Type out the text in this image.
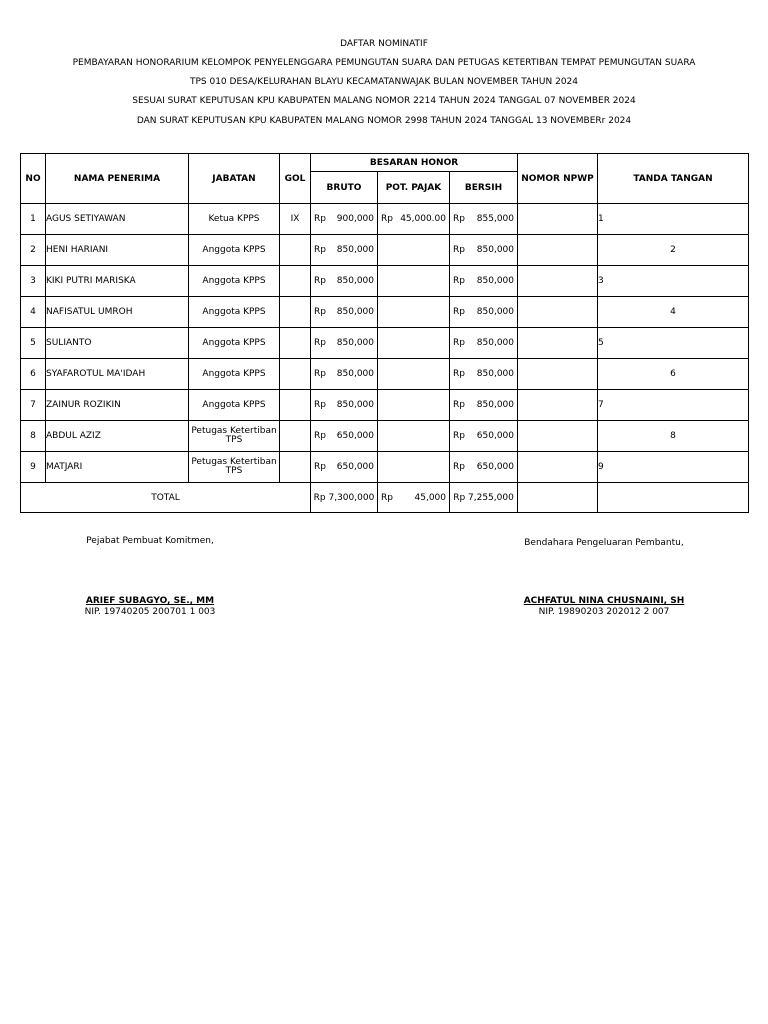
DAFTAR NOMINATIF
PEMBAYARAN HONORARIUM KELOMPOK PENYELENGGARA PEMUNGUTAN SUARA DAN PETUGAS KETERTIBAN TEMPAT PEMUNGUTAN SUARA
TPS 010 DESA/KELURAHAN BLAYU KECAMATANWAJAK BULAN NOVEMBER TAHUN 2024
SESUAI SURAT KEPUTUSAN KPU KABUPATEN MALANG NOMOR 2214 TAHUN 2024 TANGGAL 07 NOVEMBER 2024
DAN SURAT KEPUTUSAN KPU KABUPATEN MALANG NOMOR 2998 TAHUN 2024 TANGGAL 13 NOVEMBERr 2024
NO	NAMA PENERIMA	JABATAN	GOL	BESARAN HONOR			NOMOR NPWP	TANDA TANGAN
				BRUTO	POT. PAJAK	BERSIH		
1	AGUS SETIYAWAN	Ketua KPPS	IX	Rp 900,000	Rp 45,000.00	Rp 855,000		1
2	HENI HARIANI	Anggota KPPS		Rp 850,000		Rp 850,000		2
3	KIKI PUTRI MARISKA	Anggota KPPS		Rp 850,000		Rp 850,000		3
4	NAFISATUL UMROH	Anggota KPPS		Rp 850,000		Rp 850,000		4
5	SULIANTO	Anggota KPPS		Rp 850,000		Rp 850,000		5
6	SYAFAROTUL MA'IDAH	Anggota KPPS		Rp 850,000		Rp 850,000		6
7	ZAINUR ROZIKIN	Anggota KPPS		Rp 850,000		Rp 850,000		7
8	ABDUL AZIZ	Petugas Ketertiban TPS		Rp 650,000		Rp 650,000		8
9	MATJARI	Petugas Ketertiban TPS		Rp 650,000		Rp 650,000		9
TOTAL				Rp 7,300,000	Rp 45,000	Rp 7,255,000		
Pejabat Pembuat Komitmen,
ARIEF SUBAGYO, SE., MM
NIP. 19740205 200701 1 003
Bendahara Pengeluaran Pembantu,
ACHFATUL NINA CHUSNAINI, SH
NIP. 19890203 202012 2 007
